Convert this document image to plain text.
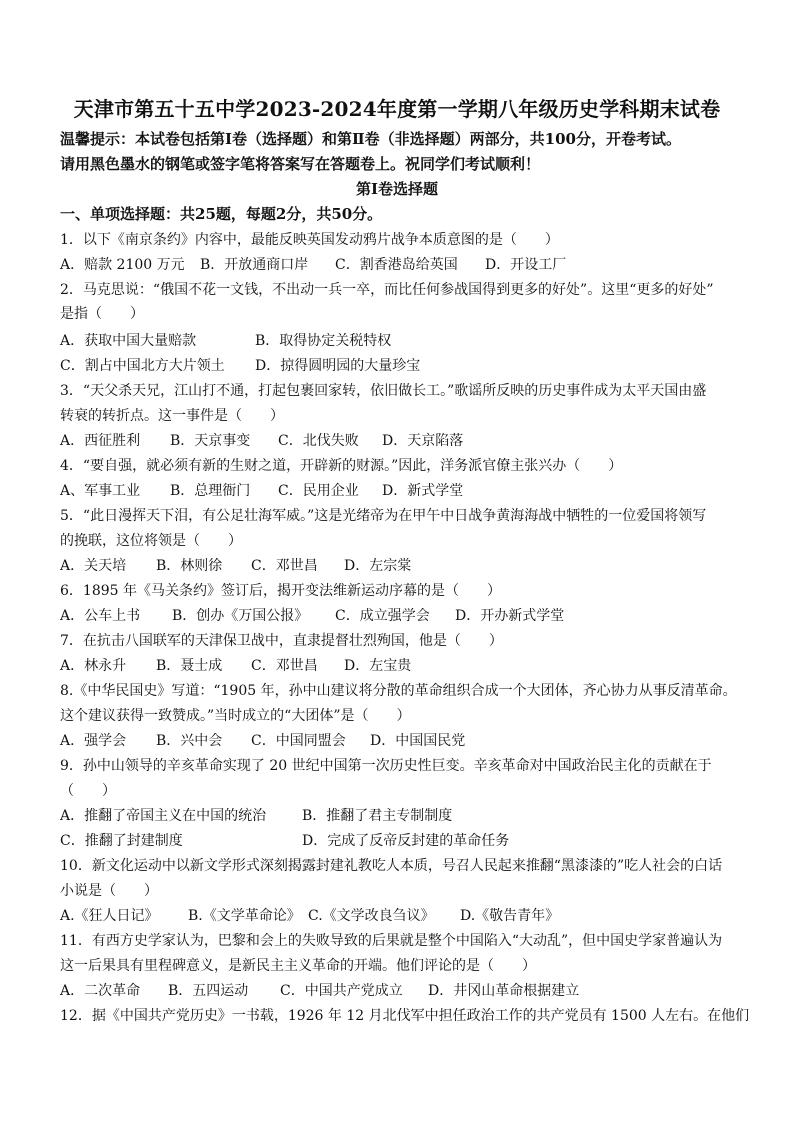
天津市第五十五中学2023-2024年度第一学期八年级历史学科期末试卷
温馨提示：本试卷包括第Ⅰ卷（选择题）和第Ⅱ卷（非选择题）两部分，共100分，开卷考试。
请用黑色墨水的钢笔或签字笔将答案写在答题卷上。祝同学们考试顺利！
第Ⅰ卷选择题
一、单项选择题：共25题，每题2分，共50分。
1．以下《南京条约》内容中，最能反映英国发动鸦片战争本质意图的是（　　）
A．赔款 2100 万元 B．开放通商口岸 C．割香港岛给英国 D．开设工厂
2．马克思说：“俄国不花一文钱，不出动一兵一卒，而比任何参战国得到更多的好处”。这里“更多的好处”
是指（　　）
A．获取中国大量赔款	B．取得协定关税特权
C．割占中国北方大片领土 D．掠得圆明园的大量珍宝
3．“天父杀天兄，江山打不通，打起包裹回家转，依旧做长工。”歌谣所反映的历史事件成为太平天国由盛
转衰的转折点。这一事件是（　　）
A．西征胜利 B．天京事变 C．北伐失败 D．天京陷落
4．“要自强，就必须有新的生财之道，开辟新的财源。”因此，洋务派官僚主张兴办（　　）
A、军事工业 B．总理衙门 C．民用企业 D．新式学堂
5．“此日漫挥天下泪，有公足壮海军威。”这是光绪帝为在甲午中日战争黄海海战中牺牲的一位爱国将领写
的挽联，这位将领是（　　）
A．关天培 B．林则徐 C．邓世昌 D．左宗棠
6．1895 年《马关条约》签订后，揭开变法维新运动序幕的是（　　）
A．公车上书 B．创办《万国公报》 C．成立强学会 D．开办新式学堂
7．在抗击八国联军的天津保卫战中，直隶提督壮烈殉国，他是（　　）
A．林永升 B．聂士成 C．邓世昌 D．左宝贵
8.《中华民国史》写道：“1905 年，孙中山建议将分散的革命组织合成一个大团体，齐心协力从事反清革命。
这个建议获得一致赞成。”当时成立的“大团体”是（　　）
A．强学会 B．兴中会 C．中国同盟会 D．中国国民党
9．孙中山领导的辛亥革命实现了 20 世纪中国第一次历史性巨变。辛亥革命对中国政治民主化的贡献在于
（　　）
A．推翻了帝国主义在中国的统治	B．推翻了君主专制制度
C．推翻了封建制度	D．完成了反帝反封建的革命任务
10．新文化运动中以新文学形式深刻揭露封建礼教吃人本质，号召人民起来推翻“黑漆漆的”吃人社会的白话
小说是（　　）
A.《狂人日记》 B.《文学革命论》 C.《文学改良刍议》 D.《敬告青年》
11．有西方史学家认为，巴黎和会上的失败导致的后果就是整个中国陷入“大动乱”，但中国史学家普遍认为
这一后果具有里程碑意义，是新民主主义革命的开端。他们评论的是（　　）
A．二次革命 B．五四运动 C．中国共产党成立 D．井冈山革命根据建立
12．据《中国共产党历史》一书载，1926 年 12 月北伐军中担任政治工作的共产党员有 1500 人左右。在他们
